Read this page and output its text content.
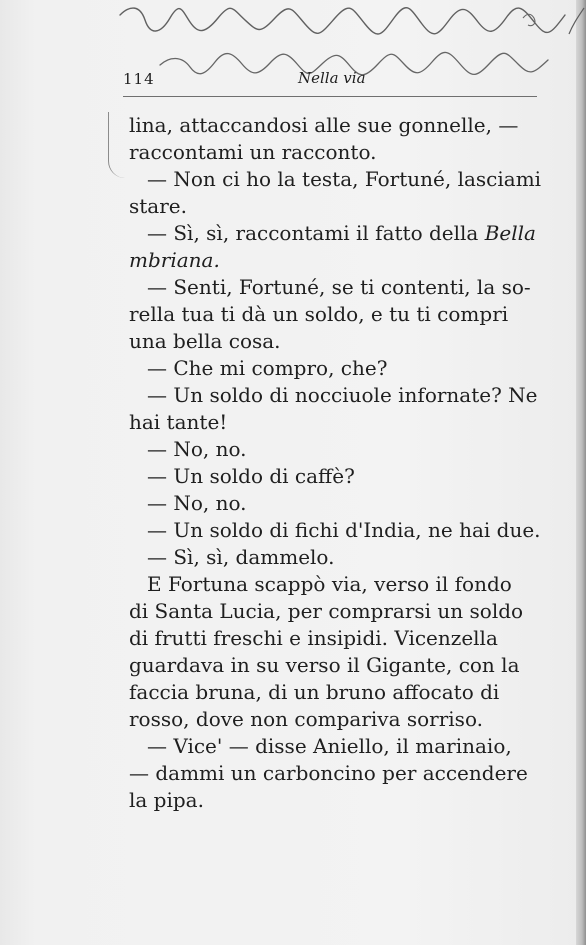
114	Nella via
lina, attaccandosi alle sue gonnelle, —
raccontami un racconto.
— Non ci ho la testa, Fortuné, lasciami
stare.
— Sì, sì, raccontami il fatto della Bella
mbriana.
— Senti, Fortuné, se ti contenti, la so-
rella tua ti dà un soldo, e tu ti compri
una bella cosa.
— Che mi compro, che?
— Un soldo di nocciuole infornate? Ne
hai tante!
— No, no.
— Un soldo di caffè?
— No, no.
— Un soldo di fichi d'India, ne hai due.
— Sì, sì, dammelo.
E Fortuna scappò via, verso il fondo
di Santa Lucia, per comprarsi un soldo
di frutti freschi e insipidi. Vicenzella
guardava in su verso il Gigante, con la
faccia bruna, di un bruno affocato di
rosso, dove non compariva sorriso.
— Vice' — disse Aniello, il marinaio,
— dammi un carboncino per accendere
la pipa.
